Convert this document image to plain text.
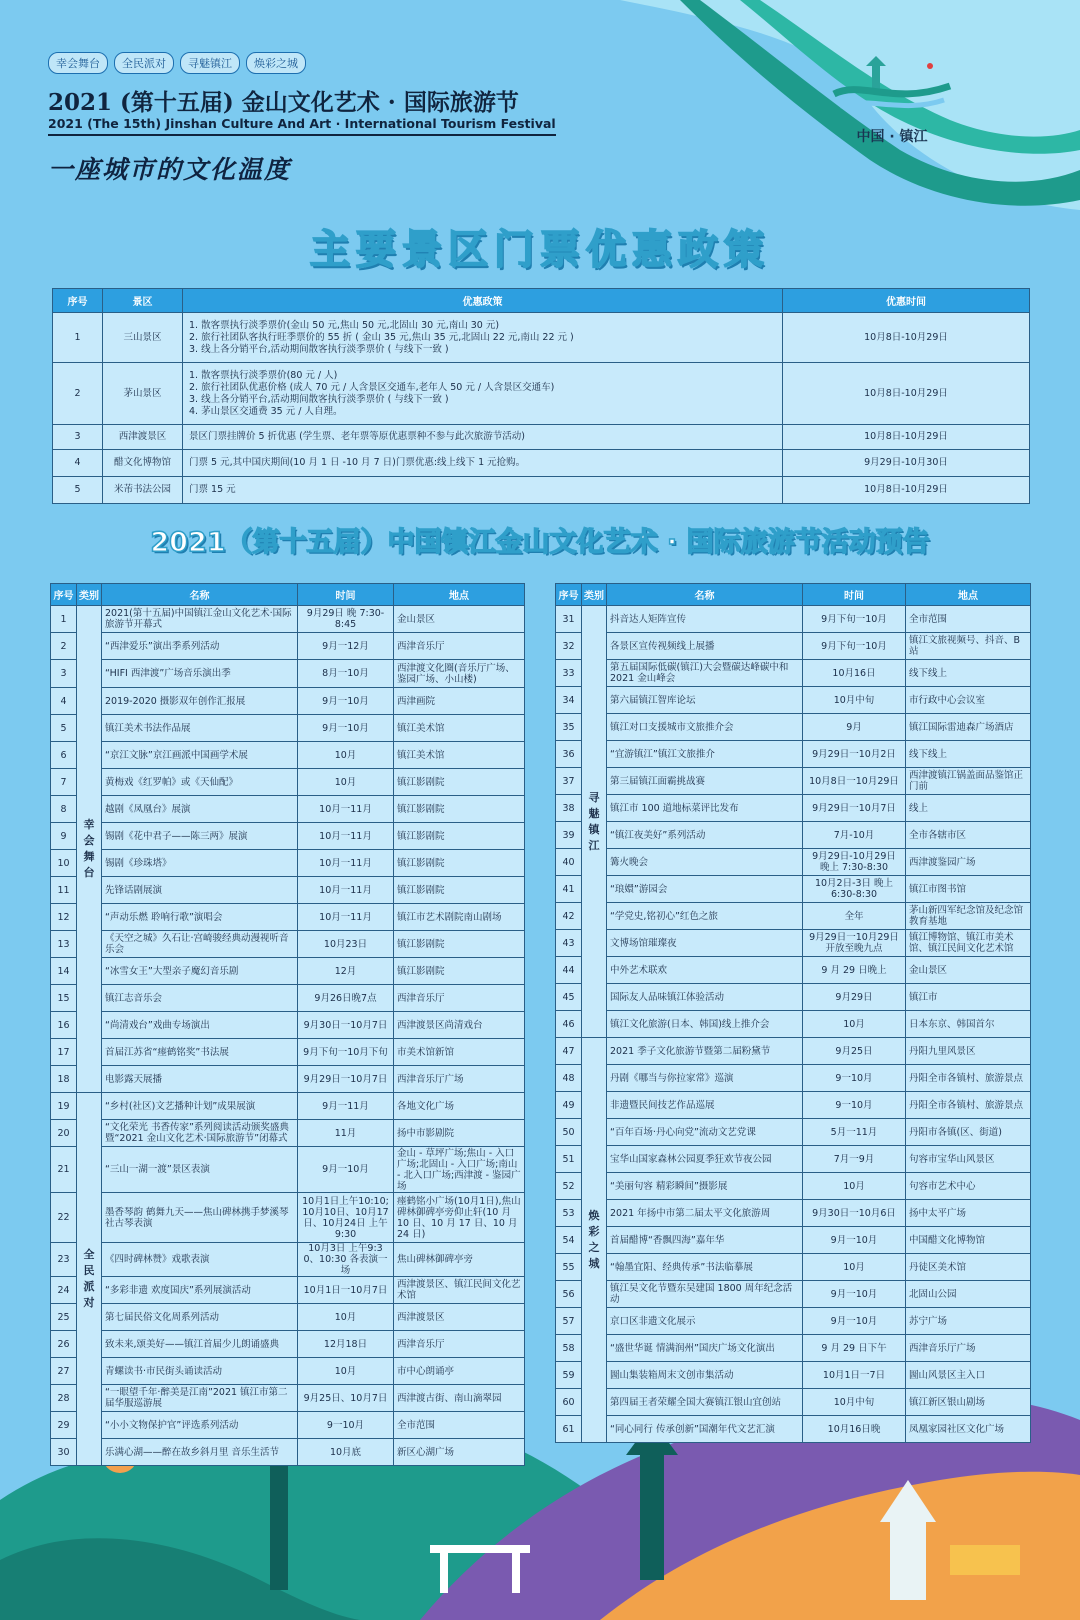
幸会舞台	全民派对	寻魅镇江	焕彩之城
2021 (第十五届) 金山文化艺术 · 国际旅游节
2021 (The 15th) Jinshan Culture And Art · International Tourism Festival
一座城市的文化温度
中国 · 镇江
主要景区门票优惠政策
序号	景区	优惠政策	优惠时间
1	三山景区	1. 散客票执行淡季票价(金山 50 元,焦山 50 元,北固山 30 元,南山 30 元)
2. 旅行社团队客执行旺季票价的 55 折 ( 金山 35 元,焦山 35 元,北固山 22 元,南山 22 元 )
3. 线上各分销平台,活动期间散客执行淡季票价 ( 与线下一致 )	10月8日-10月29日
2	茅山景区	1. 散客票执行淡季票价(80 元 / 人)
2. 旅行社团队优惠价格 (成人 70 元 / 人含景区交通车,老年人 50 元 / 人含景区交通车)
3. 线上各分销平台,活动期间散客执行淡季票价 ( 与线下一致 )
4. 茅山景区交通费 35 元 / 人自理。	10月8日-10月29日
3	西津渡景区	景区门票挂牌价 5 折优惠 (学生票、老年票等原优惠票种不参与此次旅游节活动)	10月8日-10月29日
4	醋文化博物馆	门票 5 元,其中国庆期间(10 月 1 日 -10 月 7 日)门票优惠:线上线下 1 元抢购。	9月29日-10月30日
5	米芾书法公园	门票 15 元	10月8日-10月29日
2021（第十五届）中国镇江金山文化艺术 · 国际旅游节活动预告
序号	类别	名称	时间	地点
1	幸会舞台	2021(第十五届)中国镇江金山文化艺术·国际旅游节开幕式	9月29日 晚 7:30-8:45	金山景区
2		“西津爱乐”演出季系列活动	9月一12月	西津音乐厅
3		“HIFI 西津渡”广场音乐演出季	8月一10月	西津渡文化圈(音乐厅广场、鉴园广场、小山楼)
4		2019-2020 摄影双年创作汇报展	9月一10月	西津画院
5		镇江美术书法作品展	9月一10月	镇江美术馆
6		“京江文脉”京江画派中国画学术展	10月	镇江美术馆
7		黄梅戏《红罗帕》或《天仙配》	10月	镇江影剧院
8		越剧《凤凰台》展演	10月一11月	镇江影剧院
9		锡剧《花中君子——陈三两》展演	10月一11月	镇江影剧院
10		锡剧《珍珠塔》	10月一11月	镇江影剧院
11		先锋话剧展演	10月一11月	镇江影剧院
12		“声动乐燃 聆响行歌”演唱会	10月一11月	镇江市艺术剧院南山剧场
13		《天空之城》久石让·宫崎骏经典动漫视听音乐会	10月23日	镇江影剧院
14		“冰雪女王”大型亲子魔幻音乐剧	12月	镇江影剧院
15		镇江志音乐会	9月26日晚7点	西津音乐厅
16		“尚清戏台”戏曲专场演出	9月30日一10月7日	西津渡景区尚清戏台
17		首届江苏省“瘗鹤铭奖”书法展	9月下旬一10月下旬	市美术馆新馆
18		电影露天展播	9月29日一10月7日	西津音乐厅广场
19	全民派对	“乡村(社区)文艺播种计划”成果展演	9月一11月	各地文化广场
20		“文化荣光 书香传家”系列阅读活动颁奖盛典暨“2021 金山文化艺术·国际旅游节”闭幕式	11月	扬中市影剧院
21		“三山一湖一渡”景区表演	9月一10月	金山 - 草坪广场;焦山 - 入口广场;北固山 - 入口广场;南山 - 北入口广场;西津渡 - 鉴园广场
22		墨香琴韵 鹤舞九天——焦山碑林携手梦溪琴社古琴表演	10月1日上午10:10; 10月10日、10月17日、10月24日 上午9:30	瘗鹤铭小广场(10月1日),焦山碑林御碑亭旁仰止轩(10 月 10 日、10 月 17 日、10 月 24 日)
23		《四时碑林赞》戏歌表演	10月3日 上午9:3 0、10:30 各表演一场	焦山碑林御碑亭旁
24		“多彩非遗 欢度国庆”系列展演活动	10月1日一10月7日	西津渡景区、镇江民间文化艺术馆
25		第七届民俗文化周系列活动	10月	西津渡景区
26		致未来,颂美好——镇江首届少儿朗诵盛典	12月18日	西津音乐厅
27		青螺读书·市民街头诵读活动	10月	市中心朗诵亭
28		“一眼望千年·醉美是江南”2021 镇江市第二届华服巡游展	9月25日、10月7日	西津渡古街、南山滴翠园
29		“小小文物保护官”评选系列活动	9一10月	全市范围
30		乐满心湖——醉在故乡斜月里 音乐生活节	10月底	新区心湖广场
序号	类别	名称	时间	地点
31	寻魅镇江	抖音达人矩阵宣传	9月下旬一10月	全市范围
32		各景区宣传视频线上展播	9月下旬一10月	镇江文旅视频号、抖音、B站
33		第五届国际低碳(镇江)大会暨碳达峰碳中和 2021 金山峰会	10月16日	线下线上
34		第六届镇江智库论坛	10月中旬	市行政中心会议室
35		镇江对口支援城市文旅推介会	9月	镇江国际雷迪森广场酒店
36		“宜游镇江”镇江文旅推介	9月29日一10月2日	线下线上
37		第三届镇江面霸挑战赛	10月8日一10月29日	西津渡镇江锅盖面品鉴馆正门前
38		镇江市 100 道地标菜评比发布	9月29日一10月7日	线上
39		“镇江夜美好”系列活动	7月-10月	全市各辖市区
40		篝火晚会	9月29日-10月29日 晚上 7:30-8:30	西津渡鉴园广场
41		“琅嬛”游园会	10月2日-3日 晚上 6:30-8:30	镇江市图书馆
42		“学党史,铭初心”红色之旅	全年	茅山新四军纪念馆及纪念馆教育基地
43		文博场馆璀璨夜	9月29日一10月29日 开放至晚九点	镇江博物馆、镇江市美术馆、镇江民间文化艺术馆
44		中外艺术联欢	9 月 29 日晚上	金山景区
45		国际友人品味镇江体验活动	9月29日	镇江市
46		镇江文化旅游(日本、韩国)线上推介会	10月	日本东京、韩国首尔
47	焕彩之城	2021 季子文化旅游节暨第二届粉黛节	9月25日	丹阳九里风景区
48		丹剧《哪当与你拉家常》巡演	9一10月	丹阳全市各镇村、旅游景点
49		非遗暨民间技艺作品巡展	9一10月	丹阳全市各镇村、旅游景点
50		“百年百场·丹心向党”流动文艺党课	5月一11月	丹阳市各镇(区、街道)
51		宝华山国家森林公园夏季狂欢节夜公园	7月一9月	句容市宝华山风景区
52		“美丽句容 精彩瞬间”摄影展	10月	句容市艺术中心
53		2021 年扬中市第二届太平文化旅游周	9月30日一10月6日	扬中太平广场
54		首届醋博“香飘四海”嘉年华	9月一10月	中国醋文化博物馆
55		“翰墨宜阳、经典传承”书法临摹展	10月	丹徒区美术馆
56		镇江吴文化节暨东吴建国 1800 周年纪念活动	9月一10月	北固山公园
57		京口区非遗文化展示	9月一10月	苏宁广场
58		“盛世华诞 情满润州”国庆广场文化演出	9 月 29 日下午	西津音乐厅广场
59		圌山集装箱周末文创市集活动	10月1日一7日	圌山风景区主入口
60		第四届王者荣耀全国大赛镇江银山宜创站	10月中旬	镇江新区银山剧场
61		“同心同行 传承创新”国潮年代文艺汇演	10月16日晚	凤凰家园社区文化广场
